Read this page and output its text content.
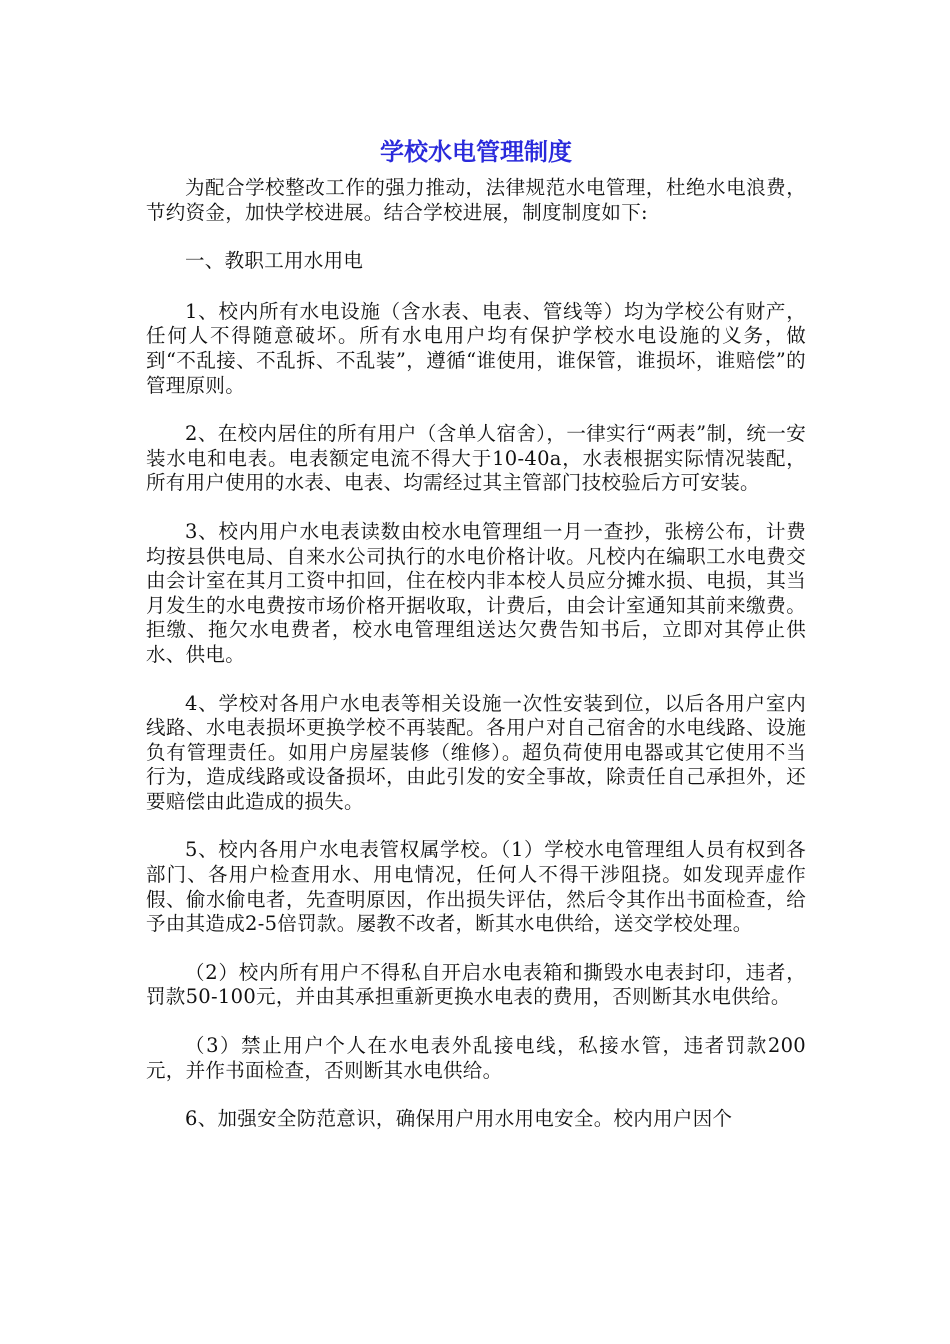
学校水电管理制度

为配合学校整改工作的强力推动，法律规范水电管理，杜绝水电浪费，节约资金，加快学校进展。结合学校进展，制度制度如下:

一、教职工用水用电

1、校内所有水电设施（含水表、电表、管线等）均为学校公有财产，任何人不得随意破坏。所有水电用户均有保护学校水电设施的义务，做到“不乱接、不乱拆、不乱装”，遵循“谁使用，谁保管，谁损坏，谁赔偿”的管理原则。

2、在校内居住的所有用户（含单人宿舍），一律实行“两表”制，统一安装水电和电表。电表额定电流不得大于10-40a，水表根据实际情况装配，所有用户使用的水表、电表、均需经过其主管部门技校验后方可安装。

3、校内用户水电表读数由校水电管理组一月一查抄，张榜公布，计费均按县供电局、自来水公司执行的水电价格计收。凡校内在编职工水电费交由会计室在其月工资中扣回，住在校内非本校人员应分摊水损、电损，其当月发生的水电费按市场价格开据收取，计费后，由会计室通知其前来缴费。拒缴、拖欠水电费者，校水电管理组送达欠费告知书后，立即对其停止供水、供电。

4、学校对各用户水电表等相关设施一次性安装到位，以后各用户室内线路、水电表损坏更换学校不再装配。各用户对自己宿舍的水电线路、设施负有管理责任。如用户房屋装修（维修）。超负荷使用电器或其它使用不当行为，造成线路或设备损坏，由此引发的安全事故，除责任自己承担外，还要赔偿由此造成的损失。

5、校内各用户水电表管权属学校。（1）学校水电管理组人员有权到各部门、各用户检查用水、用电情况，任何人不得干涉阻挠。如发现弄虚作假、偷水偷电者，先查明原因，作出损失评估，然后令其作出书面检查，给予由其造成2-5倍罚款。屡教不改者，断其水电供给，送交学校处理。

（2）校内所有用户不得私自开启水电表箱和撕毁水电表封印，违者，罚款50-100元，并由其承担重新更换水电表的费用，否则断其水电供给。

（3）禁止用户个人在水电表外乱接电线，私接水管，违者罚款200元，并作书面检查，否则断其水电供给。

6、加强安全防范意识，确保用户用水用电安全。校内用户因个
